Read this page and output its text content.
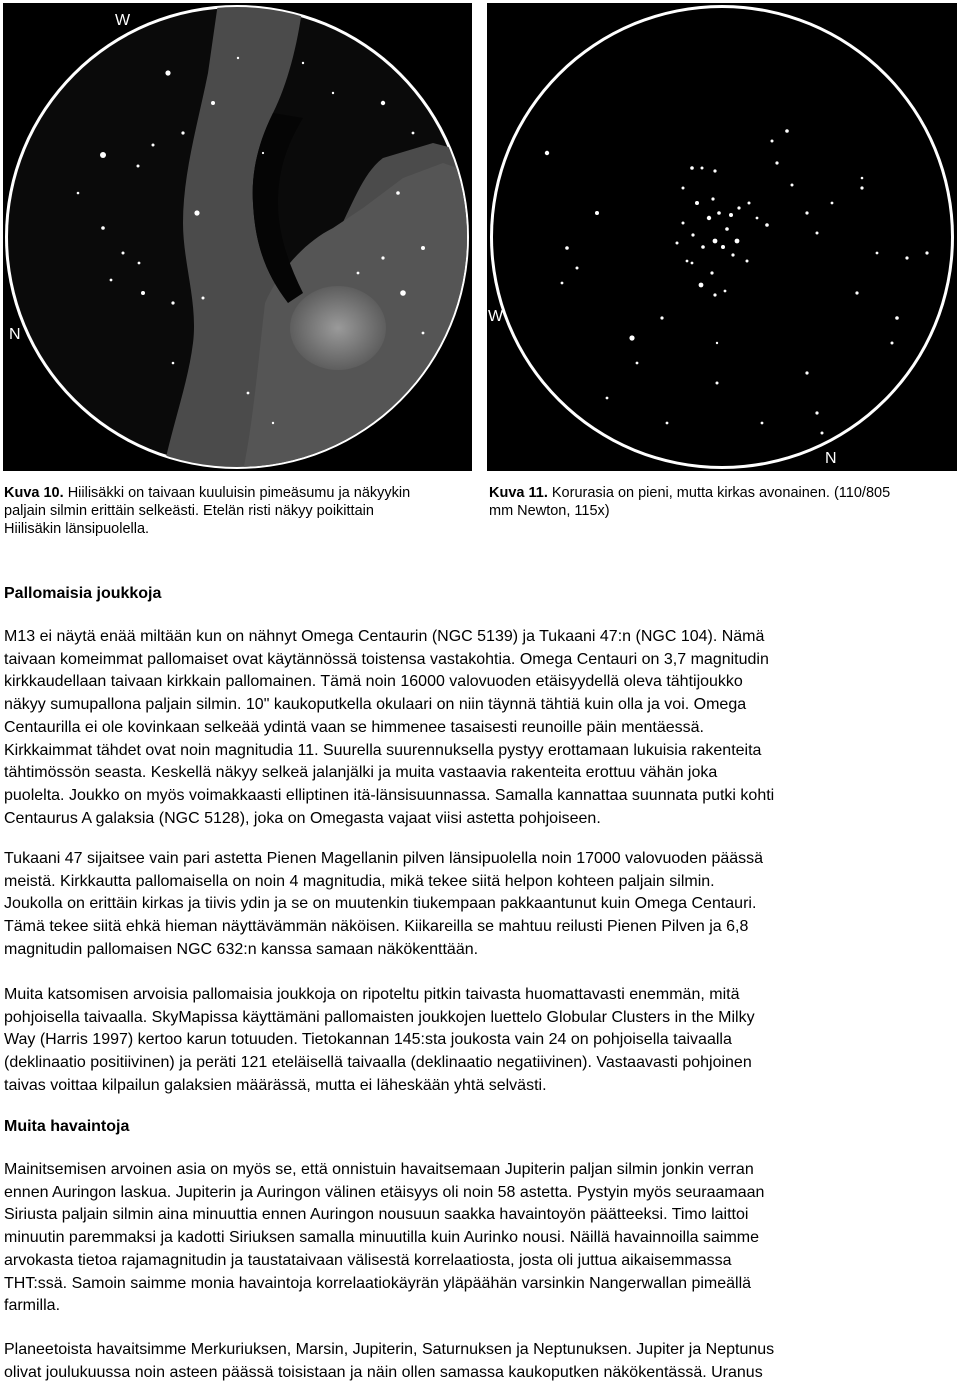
W
N
W
N
Kuva 10. Hiilisäkki on taivaan kuuluisin pimeäsumu ja näkyykin
paljain silmin erittäin selkeästi. Etelän risti näkyy poikittain
Hiilisäkin länsipuolella.
Kuva 11. Korurasia on pieni, mutta kirkas avonainen. (110/805
mm Newton, 115x)
Pallomaisia joukkoja
M13 ei näytä enää miltään kun on nähnyt Omega Centaurin (NGC 5139) ja Tukaani 47:n (NGC 104). Nämä
taivaan komeimmat pallomaiset ovat käytännössä toistensa vastakohtia. Omega Centauri on 3,7 magnitudin
kirkkaudellaan taivaan kirkkain pallomainen. Tämä noin 16000 valovuoden etäisyydellä oleva tähtijoukko
näkyy sumupallona paljain silmin. 10" kaukoputkella okulaari on niin täynnä tähtiä kuin olla ja voi. Omega
Centaurilla ei ole kovinkaan selkeää ydintä vaan se himmenee tasaisesti reunoille päin mentäessä.
Kirkkaimmat tähdet ovat noin magnitudia 11. Suurella suurennuksella pystyy erottamaan lukuisia rakenteita
tähtimössön seasta. Keskellä näkyy selkeä jalanjälki ja muita vastaavia rakenteita erottuu vähän joka
puolelta. Joukko on myös voimakkaasti elliptinen itä-länsisuunnassa. Samalla kannattaa suunnata putki kohti
Centaurus A galaksia (NGC 5128), joka on Omegasta vajaat viisi astetta pohjoiseen.
Tukaani 47 sijaitsee vain pari astetta Pienen Magellanin pilven länsipuolella noin 17000 valovuoden päässä
meistä. Kirkkautta pallomaisella on noin 4 magnitudia, mikä tekee siitä helpon kohteen paljain silmin.
Joukolla on erittäin kirkas ja tiivis ydin ja se on muutenkin tiukempaan pakkaantunut kuin Omega Centauri.
Tämä tekee siitä ehkä hieman näyttävämmän näköisen. Kiikareilla se mahtuu reilusti Pienen Pilven ja 6,8
magnitudin pallomaisen NGC 632:n kanssa samaan näkökenttään.
Muita katsomisen arvoisia pallomaisia joukkoja on ripoteltu pitkin taivasta huomattavasti enemmän, mitä
pohjoisella taivaalla. SkyMapissa käyttämäni pallomaisten joukkojen luettelo Globular Clusters in the Milky
Way (Harris 1997) kertoo karun totuuden. Tietokannan 145:sta joukosta vain 24 on pohjoisella taivaalla
(deklinaatio positiivinen) ja peräti 121 eteläisellä taivaalla (deklinaatio negatiivinen). Vastaavasti pohjoinen
taivas voittaa kilpailun galaksien määrässä, mutta ei läheskään yhtä selvästi.
Muita havaintoja
Mainitsemisen arvoinen asia on myös se, että onnistuin havaitsemaan Jupiterin paljan silmin jonkin verran
ennen Auringon laskua. Jupiterin ja Auringon välinen etäisyys oli noin 58 astetta. Pystyin myös seuraamaan
Siriusta paljain silmin aina minuuttia ennen Auringon nousuun saakka havaintoyön päätteeksi. Timo laittoi
minuutin paremmaksi ja kadotti Siriuksen samalla minuutilla kuin Aurinko nousi. Näillä havainnoilla saimme
arvokasta tietoa rajamagnitudin ja taustataivaan välisestä korrelaatiosta, josta oli juttua aikaisemmassa
THT:ssä. Samoin saimme monia havaintoja korrelaatiokäyrän yläpäähän varsinkin Nangerwallan pimeällä
farmilla.
Planeetoista havaitsimme Merkuriuksen, Marsin, Jupiterin, Saturnuksen ja Neptunuksen. Jupiter ja Neptunus
olivat joulukuussa noin asteen päässä toisistaan ja näin ollen samassa kaukoputken näkökentässä. Uranus
